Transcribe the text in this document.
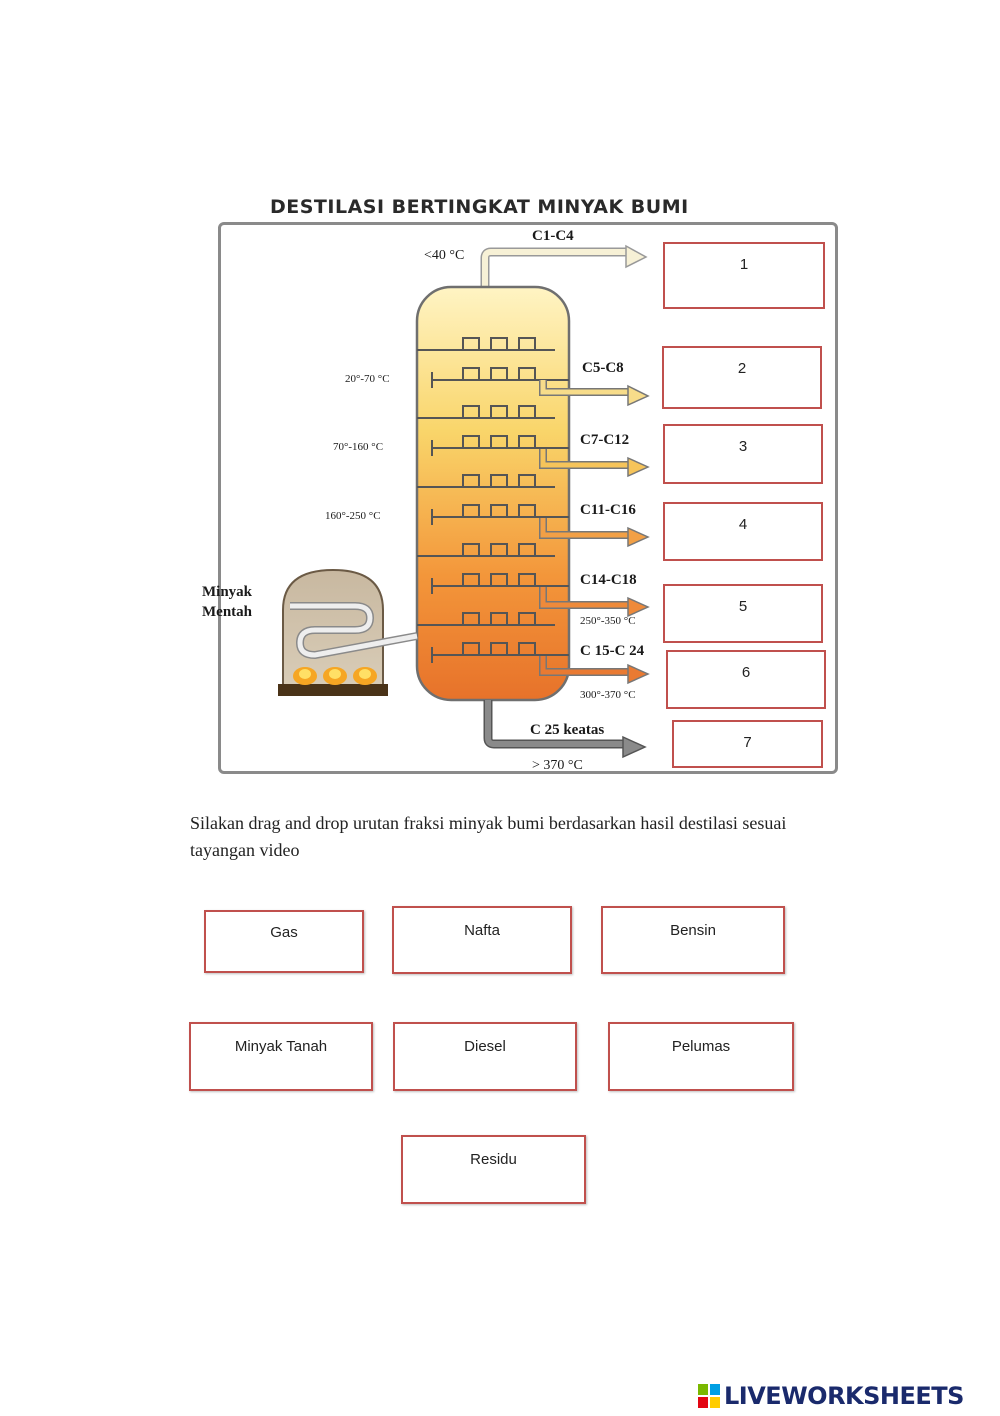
DESTILASI BERTINGKAT MINYAK BUMI
Minyak
Mentah
C1-C4
C5-C8
C7-C12
C11-C16
C14-C18
C 15-C 24
C 25 keatas
<40 °C
20°-70 °C
70°-160 °C
160°-250 °C
250°-350 °C
300°-370 °C
> 370 °C
1
2
3
4
5
6
7
Silakan drag and drop urutan fraksi minyak bumi berdasarkan hasil destilasi sesuai tayangan video
Gas	Nafta	Bensin
Minyak Tanah	Diesel	Pelumas
Residu
LIVEWORKSHEETS
